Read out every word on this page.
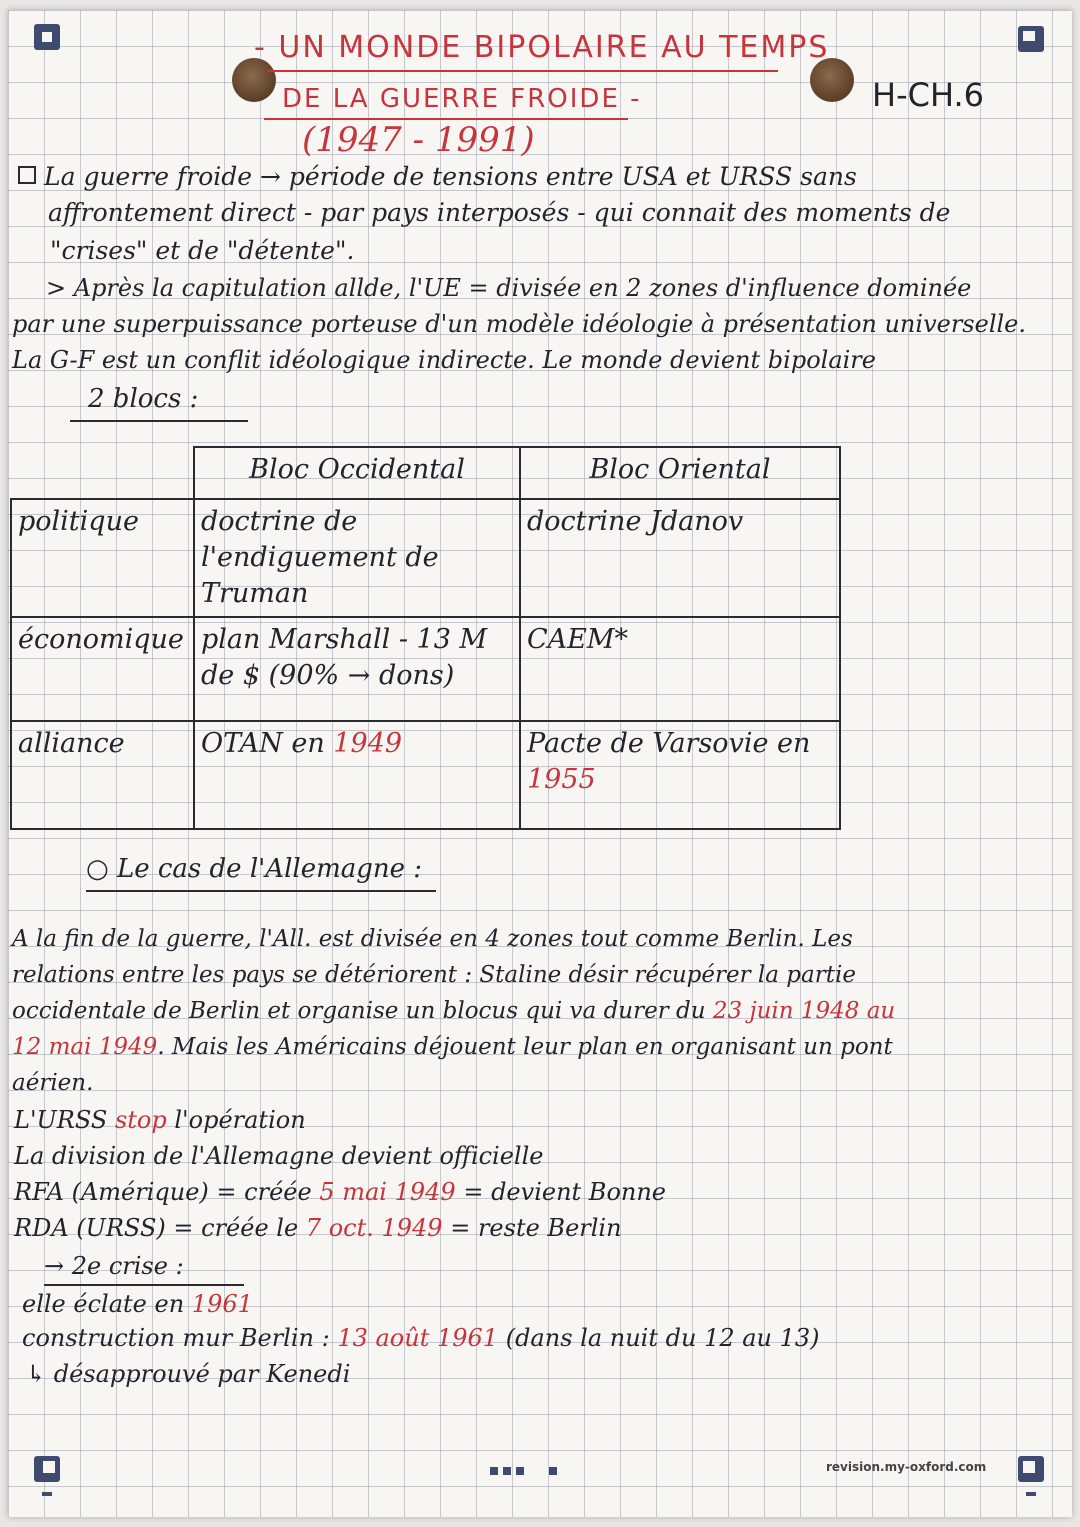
- UN MONDE BIPOLAIRE AU TEMPS
DE LA GUERRE FROIDE -
(1947 - 1991)
H-CH.6
La guerre froide → période de tensions entre USA et URSS sans
affrontement direct - par pays interposés - qui connait des moments de
"crises" et de "détente".
> Après la capitulation allde, l'UE = divisée en 2 zones d'influence dominée
par une superpuissance porteuse d'un modèle idéologie à présentation universelle.
La G-F est un conflit idéologique indirecte. Le monde devient bipolaire
2 blocs :
	Bloc Occidental	Bloc Oriental
politique	doctrine de l'endiguement de Truman	doctrine Jdanov
économique	plan Marshall - 13 M de $ (90% → dons)	CAEM*
alliance	OTAN en 1949	Pacte de Varsovie en 1955
○ Le cas de l'Allemagne :
A la fin de la guerre, l'All. est divisée en 4 zones tout comme Berlin. Les
relations entre les pays se détériorent : Staline désir récupérer la partie
occidentale de Berlin et organise un blocus qui va durer du 23 juin 1948 au
12 mai 1949. Mais les Américains déjouent leur plan en organisant un pont
aérien.
L'URSS stop l'opération
La division de l'Allemagne devient officielle
RFA (Amérique) = créée 5 mai 1949 = devient Bonne
RDA (URSS) = créée le 7 oct. 1949 = reste Berlin
→ 2e crise :
elle éclate en 1961
construction mur Berlin : 13 août 1961 (dans la nuit du 12 au 13)
↳ désapprouvé par Kenedi
revision.my-oxford.com
